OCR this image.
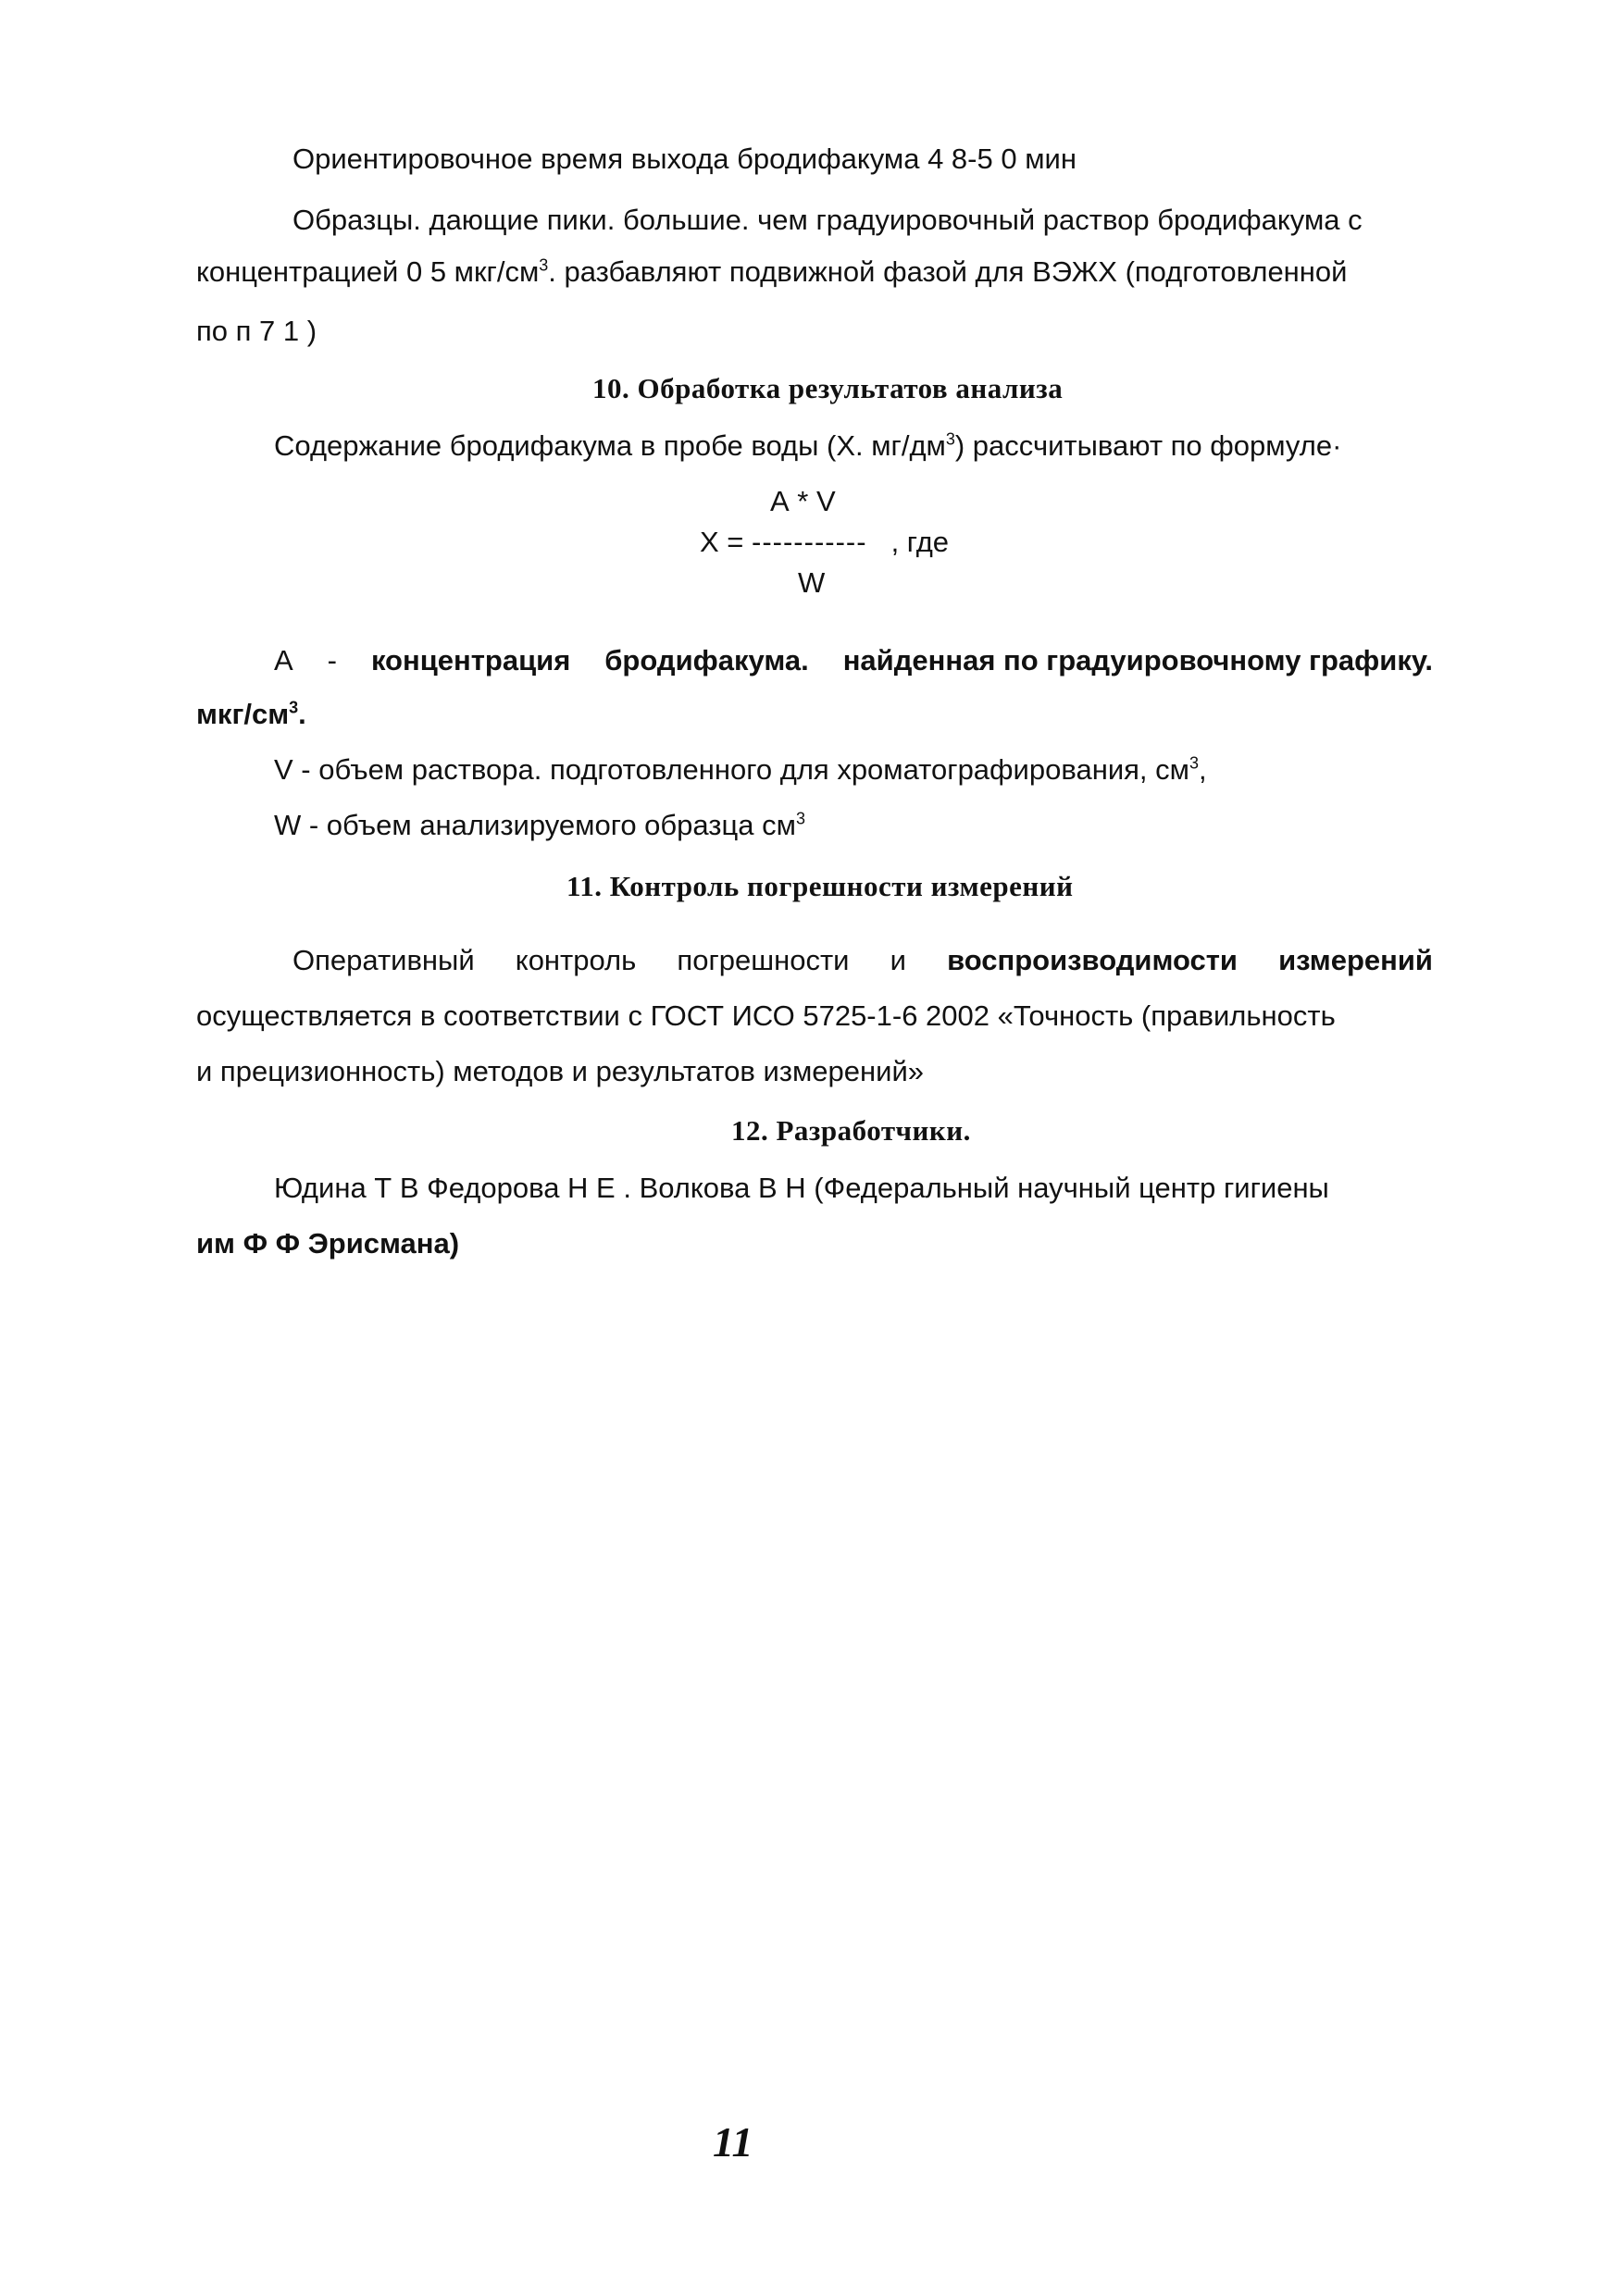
Ориентировочное время выхода бродифакума 4 8-5 0 мин
Образцы. дающие пики. большие. чем градуировочный раствор бродифакума с
концентрацией 0 5 мкг/$см^3$. разбавляют подвижной фазой для ВЭЖХ (подготовленной
по п 7 1 )
10. Обработка результатов анализа
Содержание бродифакума в пробе воды (X. $мг/дм^3$) рассчитывают по формуле·
А * V
X = ----------- , где
W
А - концентрация бродифакума. найденная по градуировочному графику.
мкг/$см^3$.
V - объем раствора. подготовленного для хроматографирования, $см^3$,
W - объем анализируемого образца $см^3$
11. Контроль погрешности измерений
Оперативный контроль погрешности и воспроизводимости измерений
осуществляется в соответствии с ГОСТ ИСО 5725-1-6 2002 «Точность (правильность
и прецизионность) методов и результатов измерений»
12. Разработчики.
Юдина Т В Федорова Н Е . Волкова В Н (Федеральный научный центр гигиены
им Ф Ф Эрисмана)
11
